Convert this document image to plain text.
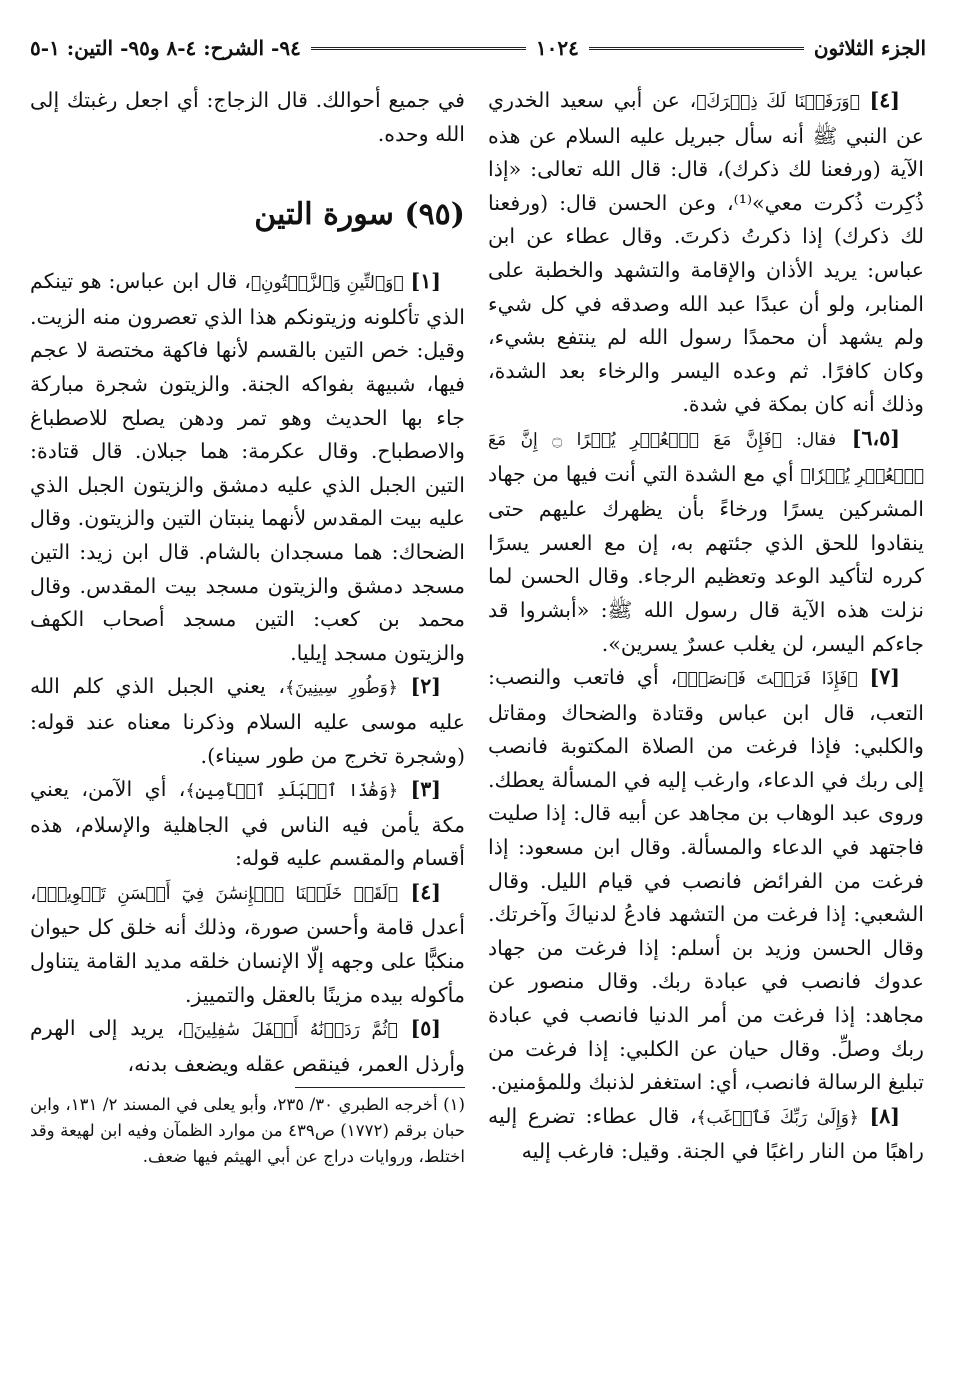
الجزء الثلاثون
١٠٢٤
٩٤- الشرح: ٤-٨ و٩٥- التين: ١-٥

[٤] ﴿وَرَفَعۡنَا لَكَ ذِكۡرَكَ﴾، عن أبي سعيد الخدري عن النبي ﷺ أنه سأل جبريل عليه السلام عن هذه الآية (ورفعنا لك ذكرك)، قال: قال الله تعالى: «إذا ذُكِرت ذُكرت معي»⁽¹⁾، وعن الحسن قال: (ورفعنا لك ذكرك) إذا ذكرتُ ذكرتَ. وقال عطاء عن ابن عباس: يريد الأذان والإقامة والتشهد والخطبة على المنابر، ولو أن عبدًا عبد الله وصدقه في كل شيء ولم يشهد أن محمدًا رسول الله لم ينتفع بشيء، وكان كافرًا. ثم وعده اليسر والرخاء بعد الشدة، وذلك أنه كان بمكة في شدة.

[٦،٥] فقال: ﴿فَإِنَّ مَعَ ٱلۡعُسۡرِ يُسۡرًا ۝ إِنَّ مَعَ ٱلۡعُسۡرِ يُسۡرٗا﴾ أي مع الشدة التي أنت فيها من جهاد المشركين يسرًا ورخاءً بأن يظهرك عليهم حتى ينقادوا للحق الذي جئتهم به، إن مع العسر يسرًا كرره لتأكيد الوعد وتعظيم الرجاء. وقال الحسن لما نزلت هذه الآية قال رسول الله ﷺ: «أبشروا قد جاءكم اليسر، لن يغلب عسرٌ يسرين».

[٧] ﴿فَإِذَا فَرَغۡتَ فَٱنصَبۡ﴾، أي فاتعب والنصب: التعب، قال ابن عباس وقتادة والضحاك ومقاتل والكلبي: فإذا فرغت من الصلاة المكتوبة فانصب إلى ربك في الدعاء، وارغب إليه في المسألة يعطك. وروى عبد الوهاب بن مجاهد عن أبيه قال: إذا صليت فاجتهد في الدعاء والمسألة. وقال ابن مسعود: إذا فرغت من الفرائض فانصب في قيام الليل. وقال الشعبي: إذا فرغت من التشهد فادعُ لدنياكَ وآخرتك. وقال الحسن وزيد بن أسلم: إذا فرغت من جهاد عدوك فانصب في عبادة ربك. وقال منصور عن مجاهد: إذا فرغت من أمر الدنيا فانصب في عبادة ربك وصلِّ. وقال حيان عن الكلبي: إذا فرغت من تبليغ الرسالة فانصب، أي: استغفر لذنبك وللمؤمنين.

[٨] ﴿وَإِلَىٰ رَبِّكَ فَٱرۡغَب﴾، قال عطاء: تضرع إليه راهبًا من النار راغبًا في الجنة. وقيل: فارغب إليه

في جميع أحوالك. قال الزجاج: أي اجعل رغبتك إلى الله وحده.

(٩٥) سورة التين

[١] ﴿وَٱلتِّينِ وَٱلزَّيۡتُونِ﴾، قال ابن عباس: هو تينكم الذي تأكلونه وزيتونكم هذا الذي تعصرون منه الزيت. وقيل: خص التين بالقسم لأنها فاكهة مختصة لا عجم فيها، شبيهة بفواكه الجنة. والزيتون شجرة مباركة جاء بها الحديث وهو تمر ودهن يصلح للاصطباغ والاصطباح. وقال عكرمة: هما جبلان. قال قتادة: التين الجبل الذي عليه دمشق والزيتون الجبل الذي عليه بيت المقدس لأنهما ينبتان التين والزيتون. وقال الضحاك: هما مسجدان بالشام. قال ابن زيد: التين مسجد دمشق والزيتون مسجد بيت المقدس. وقال محمد بن كعب: التين مسجد أصحاب الكهف والزيتون مسجد إيليا.

[٢] ﴿وَطُورِ سِينِينَ﴾، يعني الجبل الذي كلم الله عليه موسى عليه السلام وذكرنا معناه عند قوله: (وشجرة تخرج من طور سيناء).

[٣] ﴿وَهَٰذَا ٱلۡبَلَدِ ٱلۡأَمِينِ﴾، أي الآمن، يعني مكة يأمن فيه الناس في الجاهلية والإسلام، هذه أقسام والمقسم عليه قوله:

[٤] ﴿لَقَدۡ خَلَقۡنَا ٱلۡإِنسَٰنَ فِيٓ أَحۡسَنِ تَقۡوِيمٖ﴾، أعدل قامة وأحسن صورة، وذلك أنه خلق كل حيوان منكبًّا على وجهه إلّا الإنسان خلقه مديد القامة يتناول مأكوله بيده مزينًا بالعقل والتمييز.

[٥] ﴿ثُمَّ رَدَدۡنَٰهُ أَسۡفَلَ سَٰفِلِينَ﴾، يريد إلى الهرم وأرذل العمر، فينقص عقله ويضعف بدنه،

(١) أخرجه الطبري ٣٠/ ٢٣٥، وأبو يعلى في المسند ٢/ ١٣١، وابن حبان برقم (١٧٧٢) ص٤٣٩ من موارد الظمآن وفيه ابن لهيعة وقد اختلط، وروايات دراج عن أبي الهيثم فيها ضعف.
